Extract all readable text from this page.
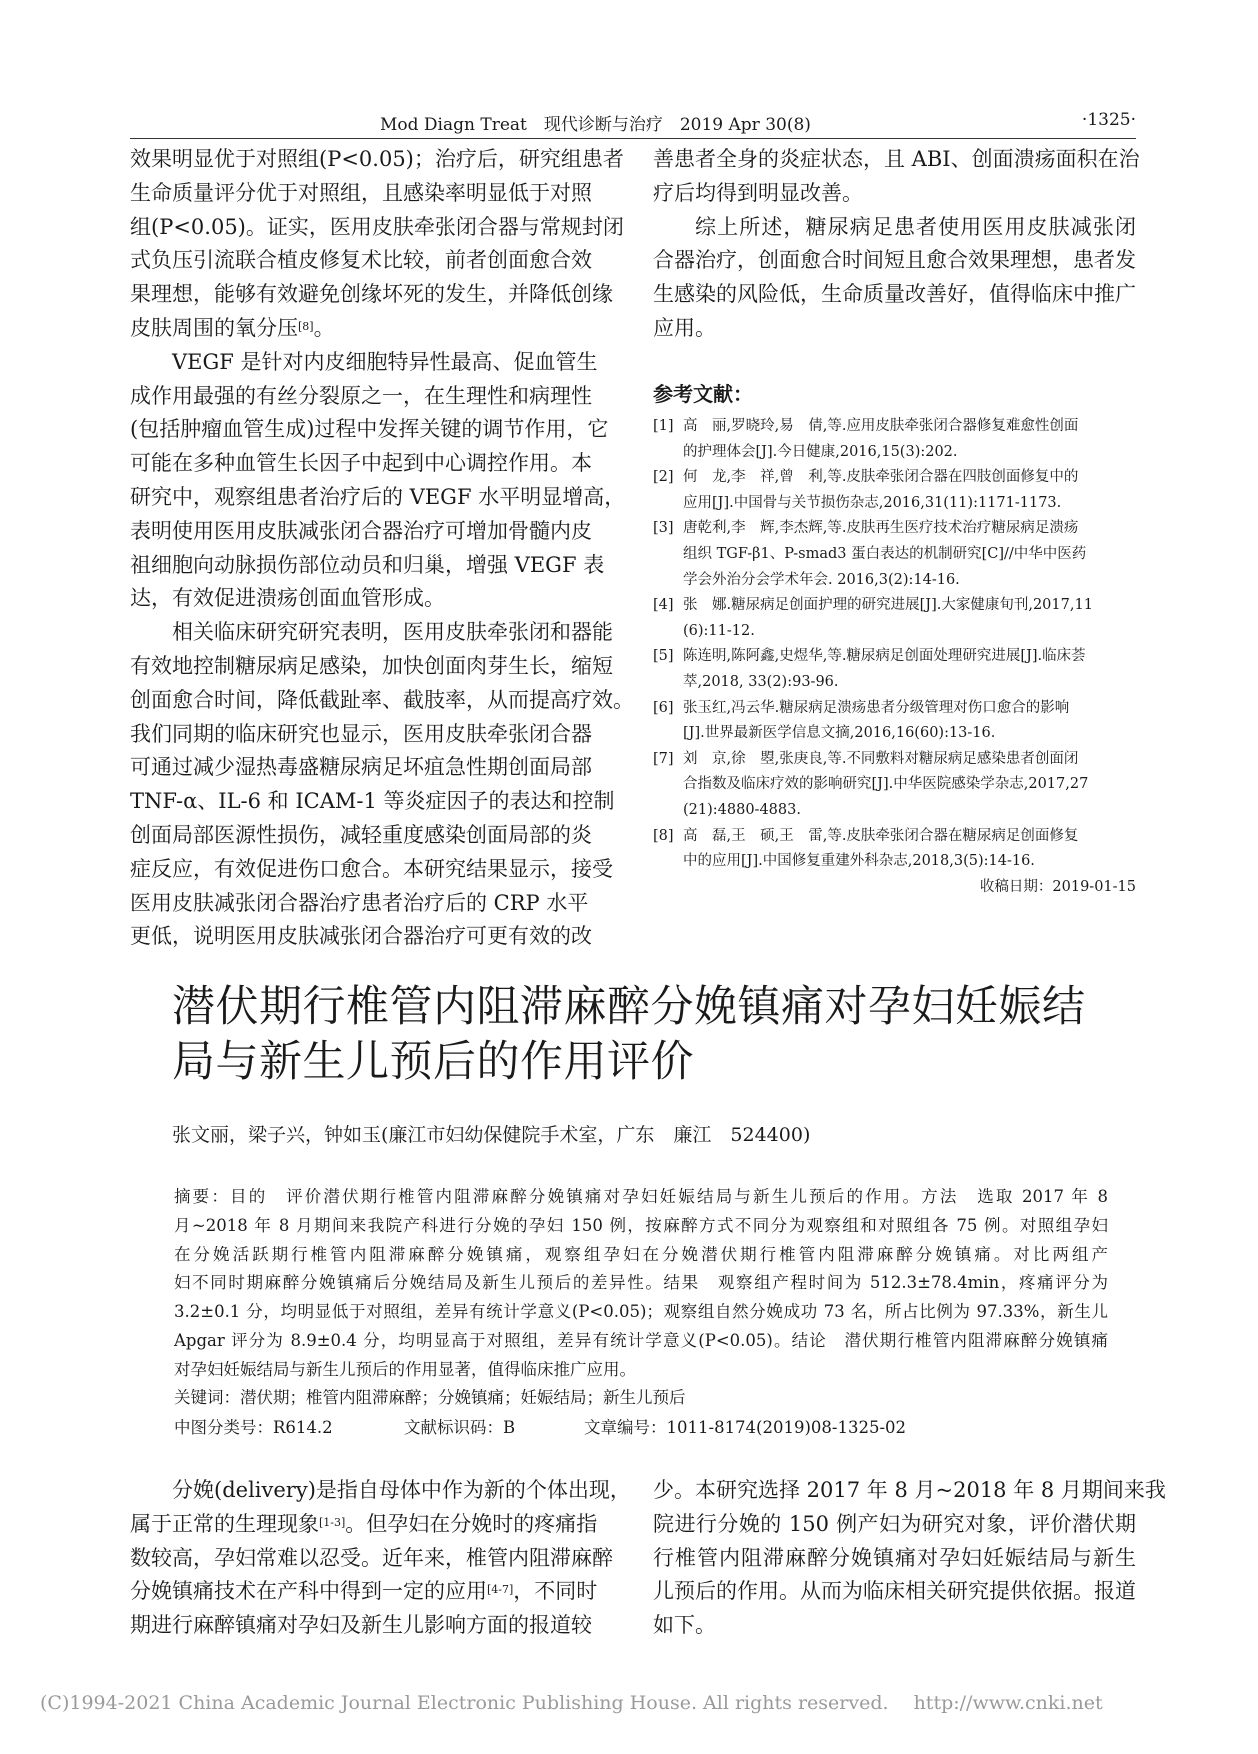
Mod Diagn Treat　现代诊断与治疗　2019 Apr 30(8)	·1325·
效果明显优于对照组(P<0.05)；治疗后，研究组患者
生命质量评分优于对照组，且感染率明显低于对照
组(P<0.05)。证实，医用皮肤牵张闭合器与常规封闭
式负压引流联合植皮修复术比较，前者创面愈合效
果理想，能够有效避免创缘坏死的发生，并降低创缘
皮肤周围的氧分压[8]。
VEGF 是针对内皮细胞特异性最高、促血管生
成作用最强的有丝分裂原之一，在生理性和病理性
(包括肿瘤血管生成)过程中发挥关键的调节作用，它
可能在多种血管生长因子中起到中心调控作用。本
研究中，观察组患者治疗后的 VEGF 水平明显增高，
表明使用医用皮肤减张闭合器治疗可增加骨髓内皮
祖细胞向动脉损伤部位动员和归巢，增强 VEGF 表
达，有效促进溃疡创面血管形成。
相关临床研究研究表明，医用皮肤牵张闭和器能
有效地控制糖尿病足感染，加快创面肉芽生长，缩短
创面愈合时间，降低截趾率、截肢率，从而提高疗效。
我们同期的临床研究也显示，医用皮肤牵张闭合器
可通过减少湿热毒盛糖尿病足坏疽急性期创面局部
TNF-α、IL-6 和 ICAM-1 等炎症因子的表达和控制
创面局部医源性损伤，减轻重度感染创面局部的炎
症反应，有效促进伤口愈合。本研究结果显示，接受
医用皮肤减张闭合器治疗患者治疗后的 CRP 水平
更低，说明医用皮肤减张闭合器治疗可更有效的改
善患者全身的炎症状态，且 ABI、创面溃疡面积在治
疗后均得到明显改善。
综上所述，糖尿病足患者使用医用皮肤减张闭
合器治疗，创面愈合时间短且愈合效果理想，患者发
生感染的风险低，生命质量改善好，值得临床中推广
应用。
参考文献：
[1] 高　丽,罗晓玲,易　倩,等.应用皮肤牵张闭合器修复难愈性创面
的护理体会[J].今日健康,2016,15(3):202.
[2] 何　龙,李　祥,曾　利,等.皮肤牵张闭合器在四肢创面修复中的
应用[J].中国骨与关节损伤杂志,2016,31(11):1171-1173.
[3] 唐乾利,李　辉,李杰辉,等.皮肤再生医疗技术治疗糖尿病足溃疡
组织 TGF-β1、P-smad3 蛋白表达的机制研究[C]//中华中医药
学会外治分会学术年会. 2016,3(2):14-16.
[4] 张　娜.糖尿病足创面护理的研究进展[J].大家健康旬刊,2017,11
(6):11-12.
[5] 陈连明,陈阿鑫,史煜华,等.糖尿病足创面处理研究进展[J].临床荟
萃,2018, 33(2):93-96.
[6] 张玉红,冯云华.糖尿病足溃疡患者分级管理对伤口愈合的影响
[J].世界最新医学信息文摘,2016,16(60):13-16.
[7] 刘　京,徐　曌,张庚良,等.不同敷料对糖尿病足感染患者创面闭
合指数及临床疗效的影响研究[J].中华医院感染学杂志,2017,27
(21):4880-4883.
[8] 高　磊,王　硕,王　雷,等.皮肤牵张闭合器在糖尿病足创面修复
中的应用[J].中国修复重建外科杂志,2018,3(5):14-16.
收稿日期：2019-01-15
潜伏期行椎管内阻滞麻醉分娩镇痛对孕妇妊娠结
局与新生儿预后的作用评价
张文丽，梁子兴，钟如玉(廉江市妇幼保健院手术室，广东　廉江　524400)
摘要：目的　评价潜伏期行椎管内阻滞麻醉分娩镇痛对孕妇妊娠结局与新生儿预后的作用。方法　选取 2017 年 8
月~2018 年 8 月期间来我院产科进行分娩的孕妇 150 例，按麻醉方式不同分为观察组和对照组各 75 例。对照组孕妇
在分娩活跃期行椎管内阻滞麻醉分娩镇痛，观察组孕妇在分娩潜伏期行椎管内阻滞麻醉分娩镇痛。对比两组产
妇不同时期麻醉分娩镇痛后分娩结局及新生儿预后的差异性。结果　观察组产程时间为 512.3±78.4min，疼痛评分为
3.2±0.1 分，均明显低于对照组，差异有统计学意义(P<0.05)；观察组自然分娩成功 73 名，所占比例为 97.33%，新生儿
Apgar 评分为 8.9±0.4 分，均明显高于对照组，差异有统计学意义(P<0.05)。结论　潜伏期行椎管内阻滞麻醉分娩镇痛
对孕妇妊娠结局与新生儿预后的作用显著，值得临床推广应用。
关键词：潜伏期；椎管内阻滞麻醉；分娩镇痛；妊娠结局；新生儿预后
中图分类号：R614.2	文献标识码：B	文章编号：1011-8174(2019)08-1325-02
分娩(delivery)是指自母体中作为新的个体出现，
属于正常的生理现象[1-3]。但孕妇在分娩时的疼痛指
数较高，孕妇常难以忍受。近年来，椎管内阻滞麻醉
分娩镇痛技术在产科中得到一定的应用[4-7]，不同时
期进行麻醉镇痛对孕妇及新生儿影响方面的报道较
少。本研究选择 2017 年 8 月~2018 年 8 月期间来我
院进行分娩的 150 例产妇为研究对象，评价潜伏期
行椎管内阻滞麻醉分娩镇痛对孕妇妊娠结局与新生
儿预后的作用。从而为临床相关研究提供依据。报道
如下。
(C)1994-2021 China Academic Journal Electronic Publishing House. All rights reserved.　 http://www.cnki.net
